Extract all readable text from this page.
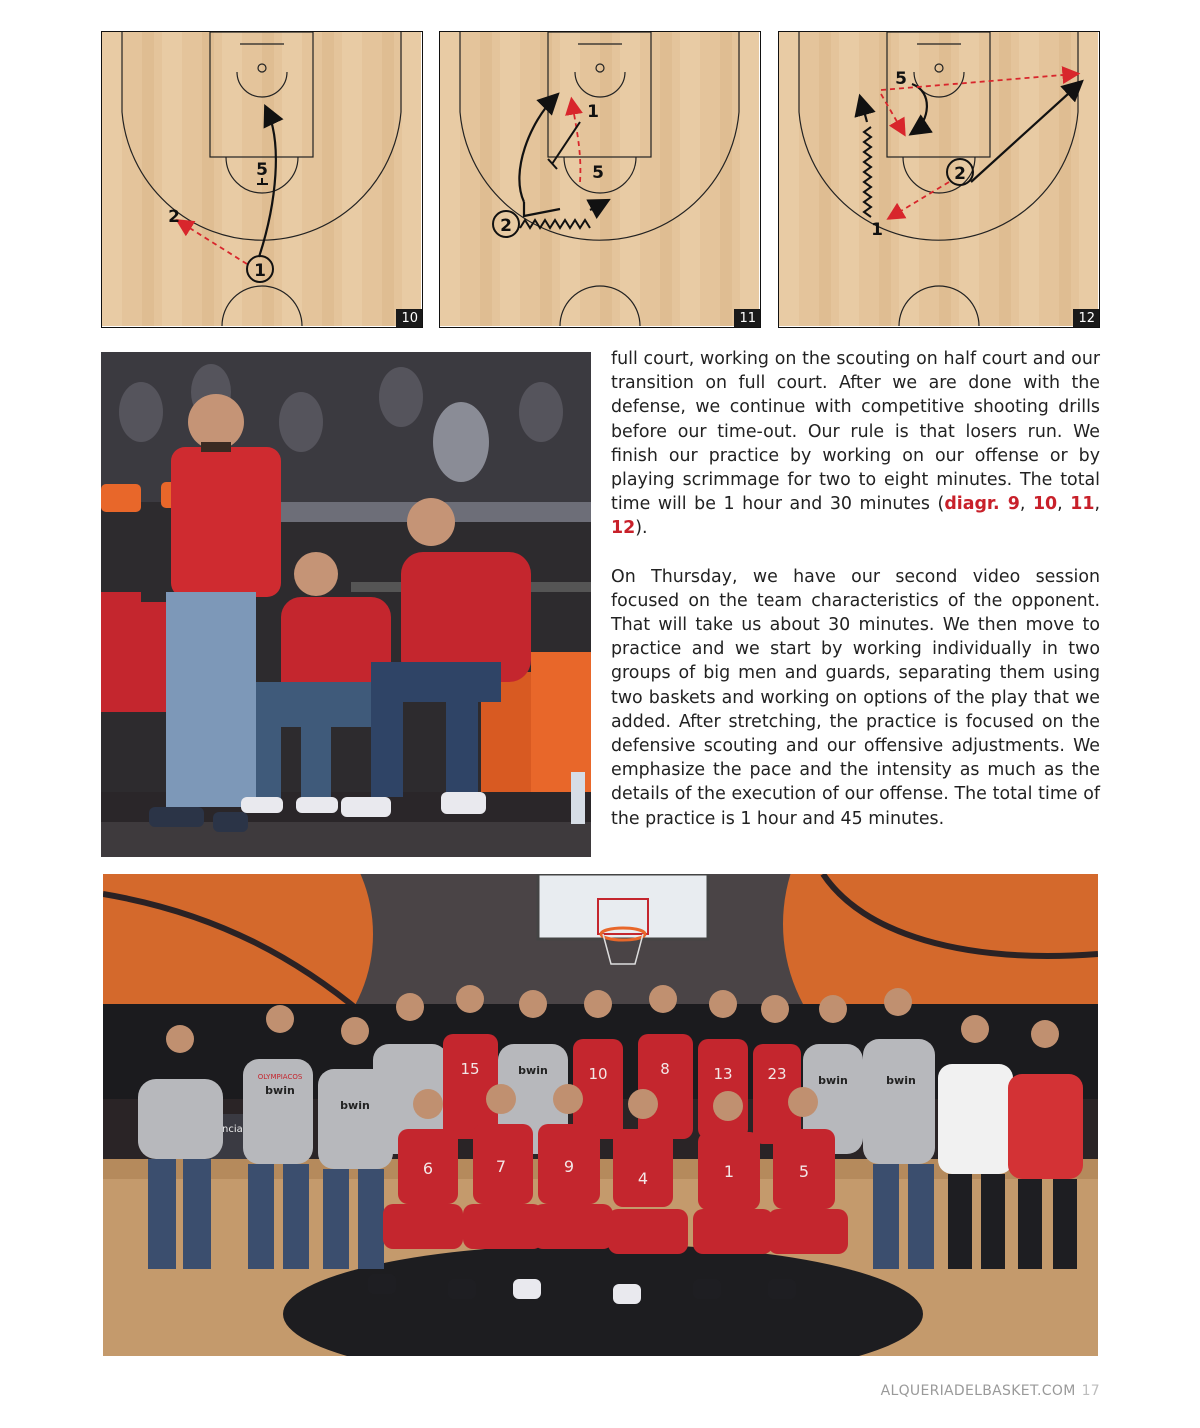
1
2
5
10
2
1
5
11
2
5
1
12

full court, working on the scouting on half court and our transition on full court. After we are done with the defense, we continue with competitive shooting drills before our time-out. Our rule is that losers run. We finish our practice by working on our offense or by playing scrimmage for two to eight minutes. The total time will be 1 hour and 30 minutes (diagr. 9, 10, 11, 12).

On Thursday, we have our second video session focused on the team characteristics of the opponent. That will take us about 30 minutes. We then move to practice and we start by working individually in two groups of big men and guards, separating them using two baskets and working on options of the play that we added. After stretching, the practice is focused on the defensive scouting and our offensive adjustments. We emphasize the pace and the intensity as much as the details of the execution of our offense. The total time of the practice is 1 hour and 45 minutes.

15	10	8	13 23
OLYMPIACOS
bwin
bwin
bwin
bwin	bwin
6	7	9
4	1	5
ALQUERIADELBASKET.COM 17
